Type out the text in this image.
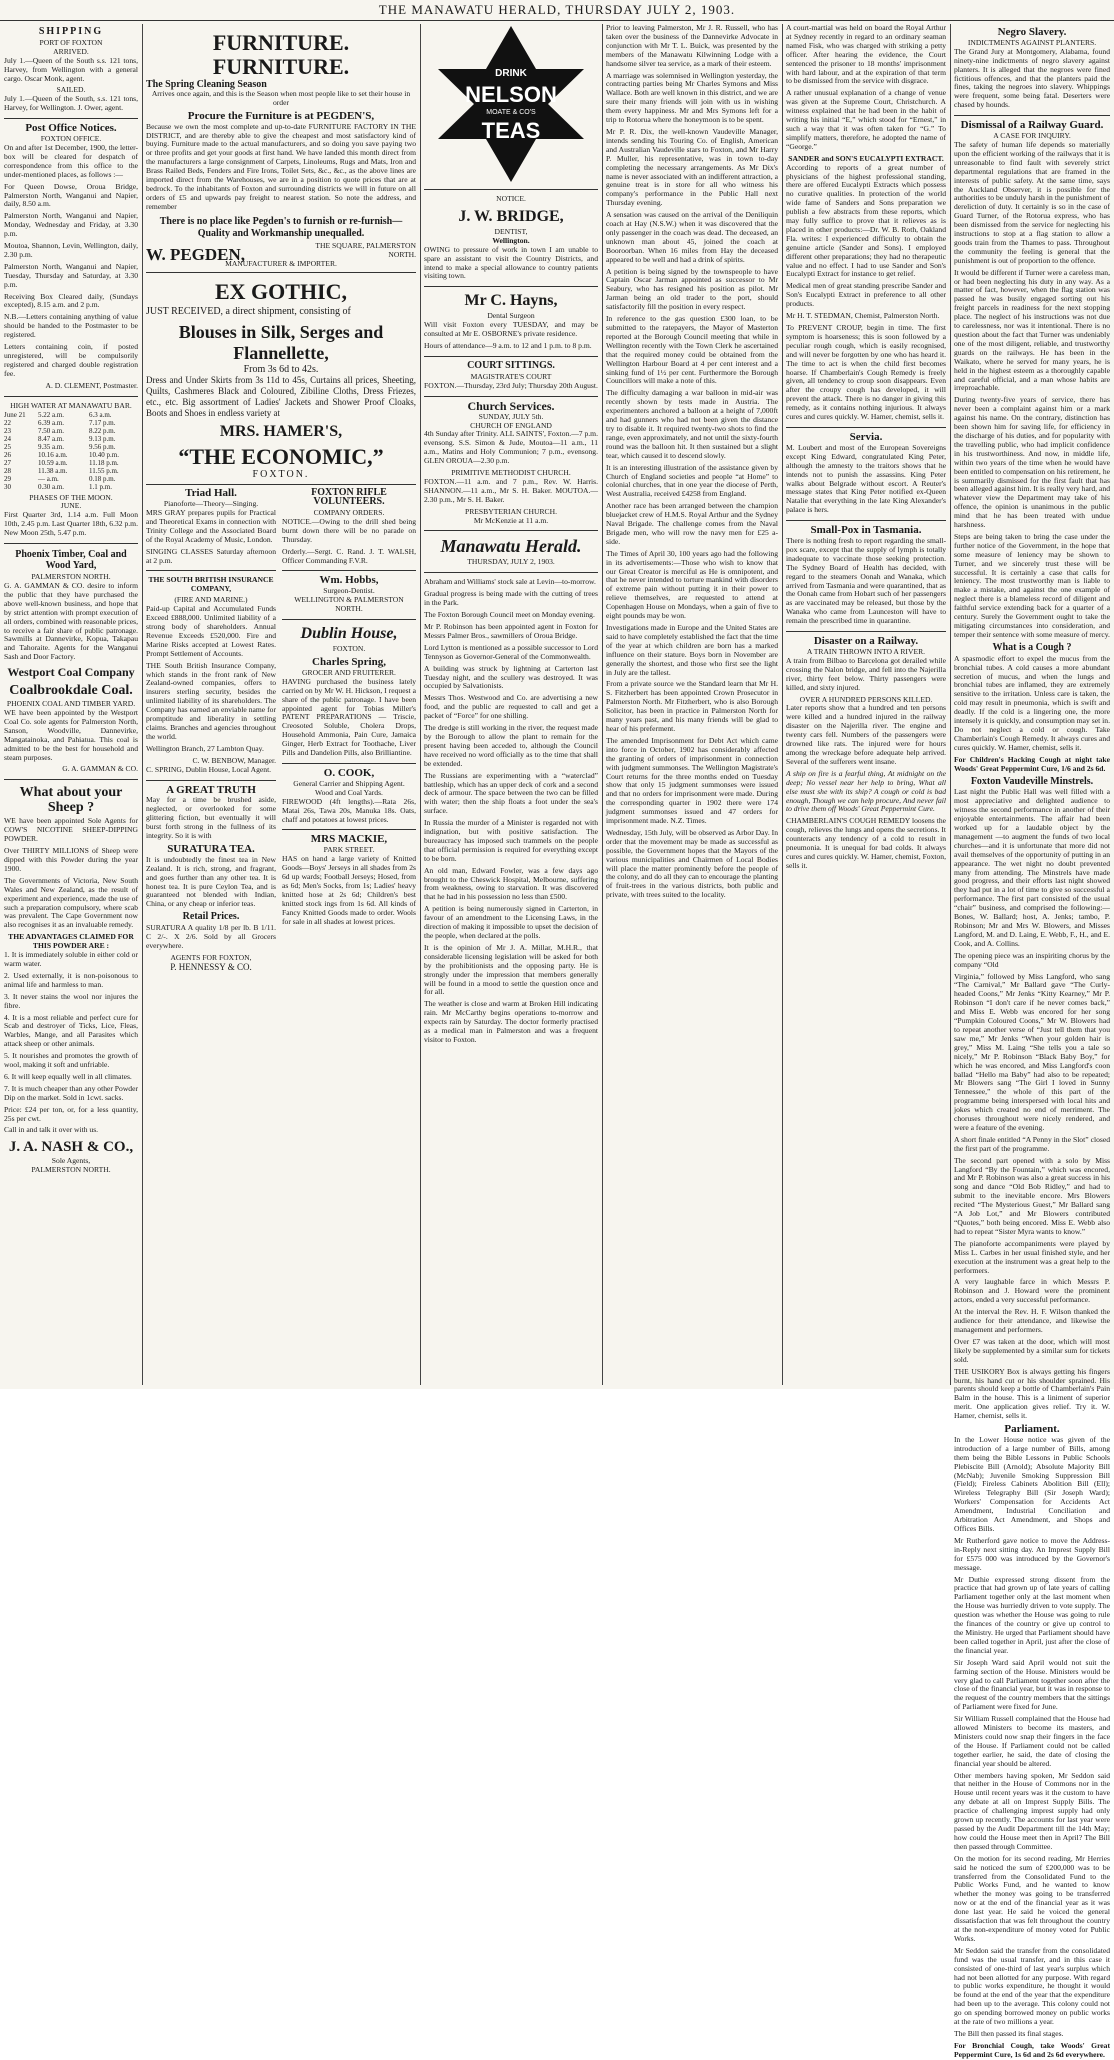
THE MANAWATU HERALD, THURSDAY JULY 2, 1903.
SHIPPING
PORT OF FOXTON
ARRIVED.

July 1.—Queen of the South s.s. 121 tons, Harvey, from Wellington with a general cargo. Oscar Monk, agent.

SAILED.

July 1.—Queen of the South, s.s. 121 tons, Harvey, for Wellington. J. Ower, agent.

Post Office Notices.
FOXTON OFFICE.

On and after 1st December, 1900, the letter-box will be cleared for despatch of correspondence from this office to the under-mentioned places, as follows :—

For Queen Dowse, Oroua Bridge, Palmerston North, Wanganui and Napier, daily, 8.50 a.m.

Palmerston North, Wanganui and Napier, Monday, Wednesday and Friday, at 3.30 p.m.

Moutoa, Shannon, Levin, Wellington, daily, 2.30 p.m.

Palmerston North, Wanganui and Napier, Tuesday, Thursday and Saturday, at 3.30 p.m.

Receiving Box Cleared daily, (Sundays excepted), 8.15 a.m. and 2 p.m.

N.B.—Letters containing anything of value should be handed to the Postmaster to be registered.

Letters containing coin, if posted unregistered, will be compulsorily registered and charged double registration fee.

A. D. CLEMENT, Postmaster.
HIGH WATER AT MANAWATU BAR.
June 21	5.22 a.m.	6.3 a.m.
22	6.39 a.m.	7.17 p.m.
23	7.50 a.m.	8.22 p.m.
24	8.47 a.m.	9.13 p.m.
25	9.35 a.m.	9.56 p.m.
26	10.16 a.m.	10.40 p.m.
27	10.59 a.m.	11.18 p.m.
28	11.38 a.m.	11.55 p.m.
29	— a.m.	0.18 p.m.
30	0.30 a.m.	1.1 p.m.
PHASES OF THE MOON.
JUNE.

First Quarter 3rd, 1.14 a.m. Full Moon 10th, 2.45 p.m. Last Quarter 18th, 6.32 p.m. New Moon 25th, 5.47 p.m.

Phoenix Timber, Coal and Wood Yard,
PALMERSTON NORTH.

G. A. GAMMAN & CO. desire to inform the public that they have purchased the above well-known business, and hope that by strict attention with prompt execution of all orders, combined with reasonable prices, to receive a fair share of public patronage. Sawmills at Dannevirke, Kopua, Takapau and Tahoraite. Agents for the Wanganui Sash and Door Factory.

Westport Coal Company
Coalbrookdale Coal.
PHOENIX COAL AND TIMBER YARD.

WE have been appointed by the Westport Coal Co. sole agents for Palmerston North, Sanson, Woodville, Dannevirke, Mangatainoka, and Pahiatua. This coal is admitted to be the best for household and steam purposes.

G. A. GAMMAN & CO.
What about your Sheep ?

WE have been appointed Sole Agents for COW'S NICOTINE SHEEP-DIPPING POWDER.

Over THIRTY MILLIONS of Sheep were dipped with this Powder during the year 1900.

The Governments of Victoria, New South Wales and New Zealand, as the result of experiment and experience, made the use of such a preparation compulsory, where scab was prevalent. The Cape Government now also recognises it as an invaluable remedy.

THE ADVANTAGES CLAIMED FOR THIS POWDER ARE :

1. It is immediately soluble in either cold or warm water.

2. Used externally, it is non-poisonous to animal life and harmless to man.

3. It never stains the wool nor injures the fibre.

4. It is a most reliable and perfect cure for Scab and destroyer of Ticks, Lice, Fleas, Warbles, Mange, and all Parasites which attack sheep or other animals.

5. It nourishes and promotes the growth of wool, making it soft and unfriable.

6. It will keep equally well in all climates.

7. It is much cheaper than any other Powder Dip on the market. Sold in 1cwt. sacks.

Price: £24 per ton, or, for a less quantity, 25s per cwt.

Call in and talk it over with us.

J. A. NASH & CO.,
Sole Agents,
PALMERSTON NORTH.
FURNITURE. FURNITURE.
The Spring Cleaning Season

Arrives once again, and this is the Season when most people like to set their house in order

Procure the Furniture is at PEGDEN'S,

Because we own the most complete and up-to-date FURNITURE FACTORY IN THE DISTRICT, and are thereby able to give the cheapest and most satisfactory kind of buying. Furniture made to the actual manufacturers, and so doing you save paying two or three profits and get your goods at first hand. We have landed this month direct from the manufacturers a large consignment of Carpets, Linoleums, Rugs and Mats, Iron and Brass Railed Beds, Fenders and Fire Irons, Toilet Sets, &c., &c., as the above lines are imported direct from the Warehouses, we are in a position to quote prices that are at bedrock. To the inhabitants of Foxton and surrounding districts we will in future on all orders of £5 and upwards pay freight to nearest station. So note the address, and remember

There is no place like Pegden's to furnish or re-furnish—Quality and Workmanship unequalled.
W. PEGDEN,	THE SQUARE, PALMERSTON NORTH.
MANUFACTURER & IMPORTER.
EX GOTHIC,

JUST RECEIVED, a direct shipment, consisting of

Blouses in Silk, Serges and Flannellette,
From 3s 6d to 42s.

Dress and Under Skirts from 3s 11d to 45s, Curtains all prices, Sheeting, Quilts, Cashmeres Black and Coloured, Zibiline Cloths, Dress Friezes, etc., etc. Big assortment of Ladies' Jackets and Shower Proof Cloaks, Boots and Shoes in endless variety at

MRS. HAMER'S,
“THE ECONOMIC,”
FOXTON.
Triad Hall.
Pianoforte—Theory—Singing.

MRS GRAY prepares pupils for Practical and Theoretical Exams in connection with Trinity College and the Associated Board of the Royal Academy of Music, London.

SINGING CLASSES Saturday afternoon at 2 p.m.

THE SOUTH BRITISH INSURANCE COMPANY,
(FIRE AND MARINE.)

Paid-up Capital and Accumulated Funds Exceed £888,000. Unlimited liability of a strong body of shareholders. Annual Revenue Exceeds £520,000. Fire and Marine Risks accepted at Lowest Rates. Prompt Settlement of Accounts.

THE South British Insurance Company, which stands in the front rank of New Zealand-owned companies, offers to insurers sterling security, besides the unlimited liability of its shareholders. The Company has earned an enviable name for promptitude and liberality in settling claims. Branches and agencies throughout the world.

Wellington Branch, 27 Lambton Quay.

C. W. BENBOW, Manager.

C. SPRING, Dublin House, Local Agent.

A GREAT TRUTH

May for a time be brushed aside, neglected, or overlooked for some glittering fiction, but eventually it will burst forth strong in the fullness of its integrity. So it is with

SURATURA TEA.

It is undoubtedly the finest tea in New Zealand. It is rich, strong, and fragrant, and goes further than any other tea. It is honest tea. It is pure Ceylon Tea, and is guaranteed not blended with Indian, China, or any cheap or inferior teas.

Retail Prices.

SURATURA A quality 1/8 per lb. B 1/11. C 2/-. X 2/6. Sold by all Grocers everywhere.

AGENTS FOR FOXTON,
P. HENNESSY & CO.
FOXTON RIFLE VOLUNTEERS.
COMPANY ORDERS.

NOTICE.—Owing to the drill shed being burnt down there will be no parade on Thursday.

Orderly.—Sergt. C. Rand. J. T. WALSH, Officer Commanding F.V.R.

Wm. Hobbs,
Surgeon-Dentist.
WELLINGTON & PALMERSTON NORTH.
Dublin House,
FOXTON.
Charles Spring,
GROCER AND FRUITERER.

HAVING purchased the business lately carried on by Mr W. H. Hickson, I request a share of the public patronage. I have been appointed agent for Tobias Miller's PATENT PREPARATIONS — Triscie, Creosoted Soluble, Cholera Drops, Household Ammonia, Pain Cure, Jamaica Ginger, Herb Extract for Toothache, Liver Pills and Dandelion Pills, also Brilliantine.

O. COOK,
General Carrier and Shipping Agent.
Wood and Coal Yards.

FIREWOOD (4ft lengths).—Rata 26s, Matai 26s, Tawa 20s, Manuka 18s. Oats, chaff and potatoes at lowest prices.

MRS MACKIE,
PARK STREET.

HAS on hand a large variety of Knitted Goods—Boys' Jerseys in all shades from 2s 6d up wards; Football Jerseys; Hosed, from as 6d; Men's Socks, from 1s; Ladies' heavy knitted hose at 2s 6d; Children's best knitted stock ings from 1s 6d. All kinds of Fancy Knitted Goods made to order. Wools for sale in all shades at lowest prices.

DRINK
NELSON
MOATE & CO'S
TEAS
NOTICE.
J. W. BRIDGE,
DENTIST,
Wellington.

OWING to pressure of work in town I am unable to spare an assistant to visit the Country Districts, and intend to make a special allowance to country patients visiting town.

Mr C. Hayns,
Dental Surgeon

Will visit Foxton every TUESDAY, and may be consulted at Mr E. OSBORNE's private residence.

Hours of attendance—9 a.m. to 12 and 1 p.m. to 8 p.m.

COURT SITTINGS.
MAGISTRATE'S COURT

FOXTON.—Thursday, 23rd July; Thursday 20th August.

Church Services.
SUNDAY, JULY 5th.
CHURCH OF ENGLAND

4th Sunday after Trinity. ALL SAINTS', Foxton.—7 p.m. evensong. S.S. Simon & Jude, Moutoa—11 a.m., 11 a.m., Matins and Holy Communion; 7 p.m., evensong. GLEN OROUA—2.30 p.m.

PRIMITIVE METHODIST CHURCH.

FOXTON.—11 a.m. and 7 p.m., Rev. W. Harris. SHANNON.—11 a.m., Mr S. H. Baker. MOUTOA.—2.30 p.m., Mr S. H. Baker.

PRESBYTERIAN CHURCH.

Mr McKenzie at 11 a.m.

Manawatu Herald.
THURSDAY, JULY 2, 1903.

Abraham and Williams' stock sale at Levin—to-morrow.

Gradual progress is being made with the cutting of trees in the Park.

The Foxton Borough Council meet on Monday evening.

Mr P. Robinson has been appointed agent in Foxton for Messrs Palmer Bros., sawmillers of Oroua Bridge.

Lord Lytton is mentioned as a possible successor to Lord Tennyson as Governor-General of the Commonwealth.

A building was struck by lightning at Carterton last Tuesday night, and the scullery was destroyed. It was occupied by Salvationists.

Messrs Thos. Westwood and Co. are advertising a new food, and the public are requested to call and get a packet of “Force” for one shilling.

The dredge is still working in the river, the request made by the Borough to allow the plant to remain for the present having been acceded to, although the Council have received no word officially as to the time that shall be extended.

The Russians are experimenting with a “waterclad” battleship, which has an upper deck of cork and a second deck of armour. The space between the two can be filled with water; then the ship floats a foot under the sea's surface.

In Russia the murder of a Minister is regarded not with indignation, but with positive satisfaction. The bureaucracy has imposed such trammels on the people that official permission is required for everything except to be born.

An old man, Edward Fowler, was a few days ago brought to the Cheswick Hospital, Melbourne, suffering from weakness, owing to starvation. It was discovered that he had in his possession no less than £500.

A petition is being numerously signed in Carterton, in favour of an amendment to the Licensing Laws, in the direction of making it impossible to upset the decision of the people, when declared at the polls.

It is the opinion of Mr J. A. Millar, M.H.R., that considerable licensing legislation will be asked for both by the prohibitionists and the opposing party. He is strongly under the impression that members generally will be found in a mood to settle the question once and for all.

The weather is close and warm at Broken Hill indicating rain. Mr McCarthy begins operations to-morrow and expects rain by Saturday. The doctor formerly practised as a medical man in Palmerston and was a frequent visitor to Foxton.

Prior to leaving Palmerston, Mr J. R. Russell, who has taken over the business of the Dannevirke Advocate in conjunction with Mr T. L. Buick, was presented by the members of the Manawatu Kilwinning Lodge with a handsome silver tea service, as a mark of their esteem.

A marriage was solemnised in Wellington yesterday, the contracting parties being Mr Charles Symons and Miss Wallace. Both are well known in this district, and we are sure their many friends will join with us in wishing them every happiness. Mr and Mrs Symons left for a trip to Rotorua where the honeymoon is to be spent.

Mr P. R. Dix, the well-known Vaudeville Manager, intends sending his Touring Co. of English, American and Australian Vaudeville stars to Foxton, and Mr Harry P. Muller, his representative, was in town to-day completing the necessary arrangements. As Mr Dix's name is never associated with an indifferent attraction, a genuine treat is in store for all who witness his company's performance in the Public Hall next Thursday evening.

A sensation was caused on the arrival of the Deniliquin coach at Hay (N.S.W.) when it was discovered that the only passenger in the coach was dead. The deceased, an unknown man about 45, joined the coach at Booroorban. When 16 miles from Hay the deceased appeared to be well and had a drink of spirits.

A petition is being signed by the townspeople to have Captain Oscar Jarman appointed as successor to Mr Seabury, who has resigned his position as pilot. Mr Jarman being an old trader to the port, should satisfactorily fill the position in every respect.

In reference to the gas question £300 loan, to be submitted to the ratepayers, the Mayor of Masterton reported at the Borough Council meeting that while in Wellington recently with the Town Clerk he ascertained that the required money could be obtained from the Wellington Harbour Board at 4 per cent interest and a sinking fund of 1½ per cent. Furthermore the Borough Councillors will make a note of this.

The difficulty damaging a war balloon in mid-air was recently shown by tests made in Austria. The experimenters anchored a balloon at a height of 7,000ft and had gunners who had not been given the distance try to disable it. It required twenty-two shots to find the range, even approximately, and not until the sixty-fourth round was the balloon hit. It then sustained but a slight tear, which caused it to descend slowly.

It is an interesting illustration of the assistance given by Church of England societies and people “at Home” to colonial churches, that in one year the diocese of Perth, West Australia, received £4258 from England.

Another race has been arranged between the champion bluejacket crew of H.M.S. Royal Arthur and the Sydney Naval Brigade. The challenge comes from the Naval Brigade men, who will row the navy men for £25 a-side.

The Times of April 30, 100 years ago had the following in its advertisements:—Those who wish to know that our Great Creator is merciful as He is omnipotent, and that he never intended to torture mankind with disorders of extreme pain without putting it in their power to relieve themselves, are requested to attend at Copenhagen House on Mondays, when a gain of five to eight pounds may be won.

Investigations made in Europe and the United States are said to have completely established the fact that the time of the year at which children are born has a marked influence on their stature. Boys born in November are generally the shortest, and those who first see the light in July are the tallest.

From a private source we the Standard learn that Mr H. S. Fitzherbert has been appointed Crown Prosecutor in Palmerston North. Mr Fitzherbert, who is also Borough Solicitor, has been in practice in Palmerston North for many years past, and his many friends will be glad to hear of his preferment.

The amended Imprisonment for Debt Act which came into force in October, 1902 has considerably affected the granting of orders of imprisonment in connection with judgment summonses. The Wellington Magistrate's Court returns for the three months ended on Tuesday show that only 15 judgment summonses were issued and that no orders for imprisonment were made. During the corresponding quarter in 1902 there were 174 judgment summonses issued and 47 orders for imprisonment made. N.Z. Times.

Wednesday, 15th July, will be observed as Arbor Day. In order that the movement may be made as successful as possible, the Government hopes that the Mayors of the various municipalities and Chairmen of Local Bodies will place the matter prominently before the people of the colony, and do all they can to encourage the planting of fruit-trees in the various districts, both public and private, with trees suited to the locality.

A court-martial was held on board the Royal Arthur at Sydney recently in regard to an ordinary seaman named Fisk, who was charged with striking a petty officer. After hearing the evidence, the Court sentenced the prisoner to 18 months' imprisonment with hard labour, and at the expiration of that term to be dismissed from the service with disgrace.

A rather unusual explanation of a change of venue was given at the Supreme Court, Christchurch. A witness explained that he had been in the habit of writing his initial “E,” which stood for “Ernest,” in such a way that it was often taken for “G.” To simplify matters, therefore, he adopted the name of “George.”

SANDER and SON'S EUCALYPTI EXTRACT.

According to reports of a great number of physicians of the highest professional standing, there are offered Eucalypti Extracts which possess no curative qualities. In protection of the world wide fame of Sanders and Sons preparation we publish a few abstracts from these reports, which may fully suffice to prove that it relieves as is placed in other products:—Dr. W. B. Roth, Oakland Fla. writes: I experienced difficulty to obtain the genuine article (Sander and Sons). I employed different other preparations; they had no therapeutic value and no effect. I had to use Sander and Son's Eucalypti Extract for instance to get relief.

Medical men of great standing prescribe Sander and Son's Eucalypti Extract in preference to all other products.

Mr H. T. STEDMAN, Chemist, Palmerston North.

To PREVENT CROUP, begin in time. The first symptom is hoarseness; this is soon followed by a peculiar rough cough, which is easily recognised, and will never be forgotten by one who has heard it. The time to act is when the child first becomes hoarse. If Chamberlain's Cough Remedy is freely given, all tendency to croup soon disappears. Even after the croupy cough has developed, it will prevent the attack. There is no danger in giving this remedy, as it contains nothing injurious. It always cures and cures quickly. W. Hamer, chemist, sells it.

Servia.

M. Loubert and most of the European Sovereigns except King Edward, congratulated King Peter, although the amnesty to the traitors shows that he intends not to punish the assassins. King Peter walks about Belgrade without escort. A Reuter's message states that King Peter notified ex-Queen Natalie that everything in the late King Alexander's palace is hers.

Small-Pox in Tasmania.

There is nothing fresh to report regarding the small-pox scare, except that the supply of lymph is totally inadequate to vaccinate those seeking protection. The Sydney Board of Health has decided, with regard to the steamers Oonah and Wanaka, which arrived from Tasmania and were quarantined, that as the Oonah came from Hobart such of her passengers as are vaccinated may be released, but those by the Wanaka who came from Launceston will have to remain the prescribed time in quarantine.

Disaster on a Railway.
A TRAIN THROWN INTO A RIVER.

A train from Bilbao to Barcelona got derailed while crossing the Nalon bridge, and fell into the Najerilla river, thirty feet below. Thirty passengers were killed, and sixty injured.

OVER A HUNDRED PERSONS KILLED.

Later reports show that a hundred and ten persons were killed and a hundred injured in the railway disaster on the Najerilla river. The engine and twenty cars fell. Numbers of the passengers were drowned like rats. The injured were for hours among the wreckage before adequate help arrived. Several of the sufferers went insane.

A ship on fire is a fearful thing, At midnight on the deep; No vessel near her help to bring, What all else must she with its ship? A cough or cold is bad enough, Though we can help procure, And never fail to drive them off Woods' Great Peppermint Cure.

CHAMBERLAIN'S COUGH REMEDY loosens the cough, relieves the lungs and opens the secretions. It counteracts any tendency of a cold to result in pneumonia. It is unequal for bad colds. It always cures and cures quickly. W. Hamer, chemist, Foxton, sells it.

Negro Slavery.
INDICTMENTS AGAINST PLANTERS.

The Grand Jury at Montgomery, Alabama, found ninety-nine indictments of negro slavery against planters. It is alleged that the negroes were fined fictitious offences, and that the planters paid the fines, taking the negroes into slavery. Whippings were frequent, some being fatal. Deserters were chased by hounds.

Dismissal of a Railway Guard.
A CASE FOR INQUIRY.

The safety of human life depends so materially upon the efficient working of the railways that it is unreasonable to find fault with severely strict departmental regulations that are framed in the interests of public safety. At the same time, says the Auckland Observer, it is possible for the authorities to be unduly harsh in the punishment of dereliction of duty. It certainly is so in the case of Guard Turner, of the Rotorua express, who has been dismissed from the service for neglecting his instructions to stop at a flag station to allow a goods train from the Thames to pass. Throughout the community the feeling is general that the punishment is out of proportion to the offence.

It would be different if Turner were a careless man, or had been neglecting his duty in any way. As a matter of fact, however, when the flag station was passed he was busily engaged sorting out his freight parcels in readiness for the next stopping place. The neglect of his instructions was not due to carelessness, nor was it intentional. There is no question about the fact that Turner was undeniably one of the most diligent, reliable, and trustworthy guards on the railways. He has been in the Waikato, where he served for many years, he is held in the highest esteem as a thoroughly capable and careful official, and a man whose habits are irreproachable.

During twenty-five years of service, there has never been a complaint against him or a mark against his name. On the contrary, distinction has been shown him for saving life, for efficiency in the discharge of his duties, and for popularity with the travelling public, who had implicit confidence in his trustworthiness. And now, in middle life, within two years of the time when he would have been entitled to compensation on his retirement, he is summarily dismissed for the first fault that has been alleged against him. It is really very hard, and whatever view the Department may take of his offence, the opinion is unanimous in the public mind that he has been treated with undue harshness.

Steps are being taken to bring the case under the further notice of the Government, in the hope that some measure of leniency may be shown to Turner, and we sincerely trust these will be successful. It is certainly a case that calls for leniency. The most trustworthy man is liable to make a mistake, and against the one example of neglect there is a blameless record of diligent and faithful service extending back for a quarter of a century. Surely the Government ought to take the mitigating circumstances into consideration, and temper their sentence with some measure of mercy.

What is a Cough ?

A spasmodic effort to expel the mucus from the bronchial tubes. A cold causes a more abundant secretion of mucus, and when the lungs and bronchial tubes are inflamed, they are extremely sensitive to the irritation. Unless care is taken, the cold may result in pneumonia, which is swift and deadly. If the cold is a lingering one, the more intensely it is quickly, and consumption may set in. Do not neglect a cold or cough. Take Chamberlain's Cough Remedy. It always cures and cures quickly. W. Hamer, chemist, sells it.

For Children's Hacking Cough at night take Woods' Great Peppermint Cure, 1/6 and 2s 6d.

Foxton Vaudeville Minstrels.

Last night the Public Hall was well filled with a most appreciative and delighted audience to witness the second performance in another of their enjoyable entertainments. The affair had been worked up for a laudable object by the management —to augment the funds of two local churches—and it is unfortunate that more did not avail themselves of the opportunity of putting in an appearance. The wet night no doubt prevented many from attending. The Minstrels have made good progress, and their efforts last night showed they had put in a lot of time to give so successful a performance. The first part consisted of the usual “chair” business, and comprised the following:—Bones, W. Ballard; host, A. Jenks; tambo, P. Robinson; Mr and Mrs W. Blowers, and Misses Langford, M. and D. Laing, E. Webb, F., H., and E. Cook, and A. Collins.

The opening piece was an inspiriting chorus by the company “Old

Virginia,” followed by Miss Langford, who sang “The Carnival,” Mr Ballard gave “The Curly-headed Coons,” Mr Jenks “Kitty Kearney,” Mr P. Robinson “I don't care if he never comes back,” and Miss E. Webb was encored for her song “Pumpkin Coloured Coons,” Mr W. Blowers had to repeat another verse of “Just tell them that you saw me,” Mr Jenks “When your golden hair is grey,” Miss M. Laing “She tells you a tale so nicely,” Mr P. Robinson “Black Baby Boy,” for which he was encored, and Miss Langford's coon ballad “Hello ma Baby” had also to be repeated; Mr Blowers sang “The Girl I loved in Sunny Tennessee,” the whole of this part of the programme being interspersed with local hits and jokes which created no end of merriment. The choruses throughout were nicely rendered, and were a feature of the evening.

A short finale entitled “A Penny in the Slot” closed the first part of the programme.

The second part opened with a solo by Miss Langford “By the Fountain,” which was encored, and Mr P. Robinson was also a great success in his song and dance “Old Bob Ridley,” and had to submit to the inevitable encore. Mrs Blowers recited “The Mysterious Guest,” Mr Ballard sang “A Job Lot,” and Mr Blowers contributed “Quotes,” both being encored. Miss E. Webb also had to repeat “Sister Myra wants to know.”

The pianoforte accompaniments were played by Miss L. Carbes in her usual finished style, and her execution at the instrument was a great help to the performers.

A very laughable farce in which Messrs P. Robinson and J. Howard were the prominent actors, ended a very successful performance.

At the interval the Rev. H. F. Wilson thanked the audience for their attendance, and likewise the management and performers.

Over £7 was taken at the door, which will most likely be supplemented by a similar sum for tickets sold.

THE USIKORY Box is always getting his fingers burnt, his hand cut or his shoulder sprained. His parents should keep a bottle of Chamberlain's Pain Balm in the house. This is a liniment of superior merit. One application gives relief. Try it. W. Hamer, chemist, sells it.

Parliament.

In the Lower House notice was given of the introduction of a large number of Bills, among them being the Bible Lessons in Public Schools Plebiscite Bill (Arnold); Absolute Majority Bill (McNab); Juvenile Smoking Suppression Bill (Field); Fireless Cabinets Abolition Bill (Ell); Wireless Telegraphy Bill (Sir Joseph Ward); Workers' Compensation for Accidents Act Amendment, Industrial Conciliation and Arbitration Act Amendment, and Shops and Offices Bills.

Mr Rutherford gave notice to move the Address-in-Reply next sitting day. An Imprest Supply Bill for £575 000 was introduced by the Governor's message.

Mr Duthie expressed strong dissent from the practice that had grown up of late years of calling Parliament together only at the last moment when the House was hurriedly driven to vote supply. The question was whether the House was going to rule the finances of the country or give up control to the Ministry. He urged that Parliament should have been called together in April, just after the close of the financial year.

Sir Joseph Ward said April would not suit the farming section of the House. Ministers would be very glad to call Parliament together soon after the close of the financial year, but it was in response to the request of the country members that the sittings of Parliament were fixed for June.

Sir William Russell complained that the House had allowed Ministers to become its masters, and Ministers could now snap their fingers in the face of the House. If Parliament could not be called together earlier, he said, the date of closing the financial year should be altered.

Other members having spoken, Mr Seddon said that neither in the House of Commons nor in the House until recent years was it the custom to have any debate at all on Imprest Supply Bills. The practice of challenging imprest supply had only grown up recently. The accounts for last year were passed by the Audit Department till the 14th May; how could the House meet then in April? The Bill then passed through Committee.

On the motion for its second reading, Mr Herries said he noticed the sum of £200,000 was to be transferred from the Consolidated Fund to the Public Works Fund, and he wanted to know whether the money was going to be transferred now or at the end of the financial year as it was done last year. He said he voiced the general dissatisfaction that was felt throughout the country at the non-expenditure of money voted for Public Works.

Mr Seddon said the transfer from the consolidated fund was the usual transfer, and in this case it consisted of one-third of last year's surplus which had not been allotted for any purpose. With regard to public works expenditure, he thought it would be found at the end of the year that the expenditure had been up to the average. This colony could not go on spending borrowed money on public works at the rate of two millions a year.

The Bill then passed its final stages.

For Bronchial Cough, take Woods' Great Peppermint Cure, 1s 6d and 2s 6d everywhere.
